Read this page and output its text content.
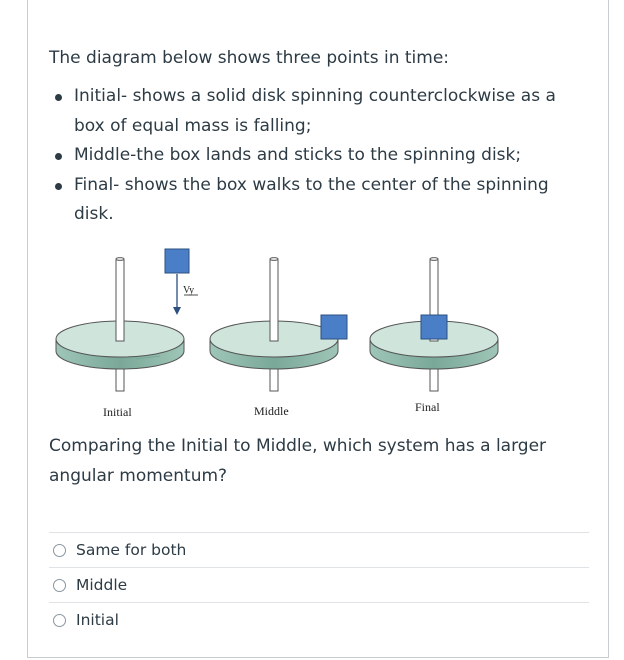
The diagram below shows three points in time:

Initial- shows a solid disk spinning counterclockwise as a box of equal mass is falling;
Middle-the box lands and sticks to the spinning disk;
Final- shows the box walks to the center of the spinning disk.
Vy
Initial	Middle	Final

Comparing the Initial to Middle, which system has a larger angular momentum?

Same for both
Middle
Initial
